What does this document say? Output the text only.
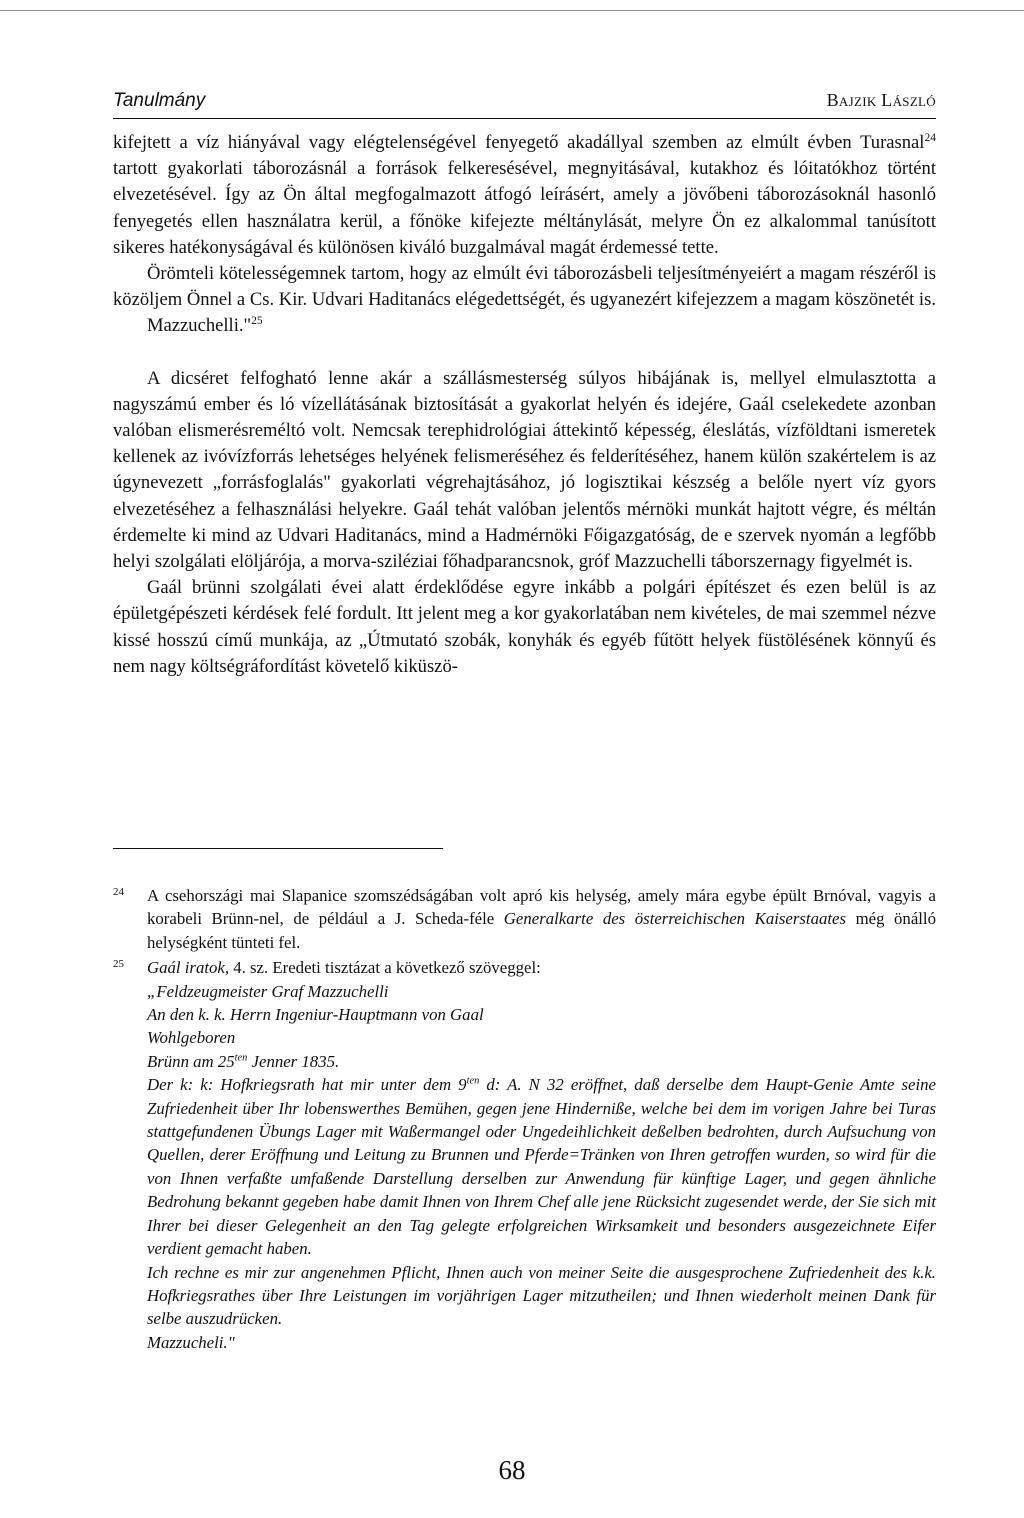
Tanulmány	Bajzik László

kifejtett a víz hiányával vagy elégtelenségével fenyegető akadállyal szemben az elmúlt évben Turasnal$^{24}$ tartott gyakorlati táborozásnál a források felkeresésével, megnyitásával, kutakhoz és lóitatókhoz történt elvezetésével. Így az Ön által megfogalmazott átfogó leírásért, amely a jövőbeni táborozásoknál hasonló fenyegetés ellen használatra kerül, a főnöke kifejezte méltánylását, melyre Ön ez alkalommal tanúsított sikeres hatékonyságával és különösen kiváló buzgalmával magát érdemessé tette.

Örömteli kötelességemnek tartom, hogy az elmúlt évi táborozásbeli teljesítményeiért a magam részéről is közöljem Önnel a Cs. Kir. Udvari Haditanács elégedettségét, és ugyanezért kifejezzem a magam köszönetét is.

Mazzuchelli."$^{25}$

A dicséret felfogható lenne akár a szállásmesterség súlyos hibájának is, mellyel elmulasztotta a nagyszámú ember és ló vízellátásának biztosítását a gyakorlat helyén és idejére, Gaál cselekedete azonban valóban elismerésreméltó volt. Nemcsak terephidrológiai áttekintő képesség, éleslátás, vízföldtani ismeretek kellenek az ivóvízforrás lehetséges helyének felismeréséhez és felderítéséhez, hanem külön szakértelem is az úgynevezett „forrásfoglalás" gyakorlati végrehajtásához, jó logisztikai készség a belőle nyert víz gyors elvezetéséhez a felhasználási helyekre. Gaál tehát valóban jelentős mérnöki munkát hajtott végre, és méltán érdemelte ki mind az Udvari Haditanács, mind a Hadmérnöki Főigazgatóság, de e szervek nyomán a legfőbb helyi szolgálati elöljárója, a morva-sziléziai főhadparancsnok, gróf Mazzuchelli táborszernagy figyelmét is.

Gaál brünni szolgálati évei alatt érdeklődése egyre inkább a polgári építészet és ezen belül is az épületgépészeti kérdések felé fordult. Itt jelent meg a kor gyakorlatában nem kivételes, de mai szemmel nézve kissé hosszú című munkája, az „Útmutató szobák, konyhák és egyéb fűtött helyek füstölésének könnyű és nem nagy költségráfordítást követelő kiküszö-

24 A csehországi mai Slapanice szomszédságában volt apró kis helység, amely mára egybe épült Brnóval, vagyis a korabeli Brünn-nel, de például a J. Scheda-féle Generalkarte des österreichischen Kaiserstaates még önálló helységként tünteti fel.

25 Gaál iratok, 4. sz. Eredeti tisztázat a következő szöveggel:

„Feldzeugmeister Graf Mazzuchelli

An den k. k. Herrn Ingeniur-Hauptmann von Gaal

Wohlgeboren

Brünn am $25^{ten}$ Jenner 1835.

Der k: k: Hofkriegsrath hat mir unter dem $9^{ten}$ d: A. N 32 eröffnet, daß derselbe dem Haupt-Genie Amte seine Zufriedenheit über Ihr lobenswerthes Bemühen, gegen jene Hinderniße, welche bei dem im vorigen Jahre bei Turas stattgefundenen Übungs Lager mit Waßermangel oder Ungedeihlichkeit deßelben bedrohten, durch Aufsuchung von Quellen, derer Eröffnung und Leitung zu Brunnen und Pferde=Tränken von Ihren getroffen wurden, so wird für die von Ihnen verfaßte umfaßende Darstellung derselben zur Anwendung für künftige Lager, und gegen ähnliche Bedrohung bekannt gegeben habe damit Ihnen von Ihrem Chef alle jene Rücksicht zugesendet werde, der Sie sich mit Ihrer bei dieser Gelegenheit an den Tag gelegte erfolgreichen Wirksamkeit und besonders ausgezeichnete Eifer verdient gemacht haben.

Ich rechne es mir zur angenehmen Pflicht, Ihnen auch von meiner Seite die ausgesprochene Zufriedenheit des k.k. Hofkriegsrathes über Ihre Leistungen im vorjährigen Lager mitzutheilen; und Ihnen wiederholt meinen Dank für selbe auszudrücken.

Mazzucheli."

68
